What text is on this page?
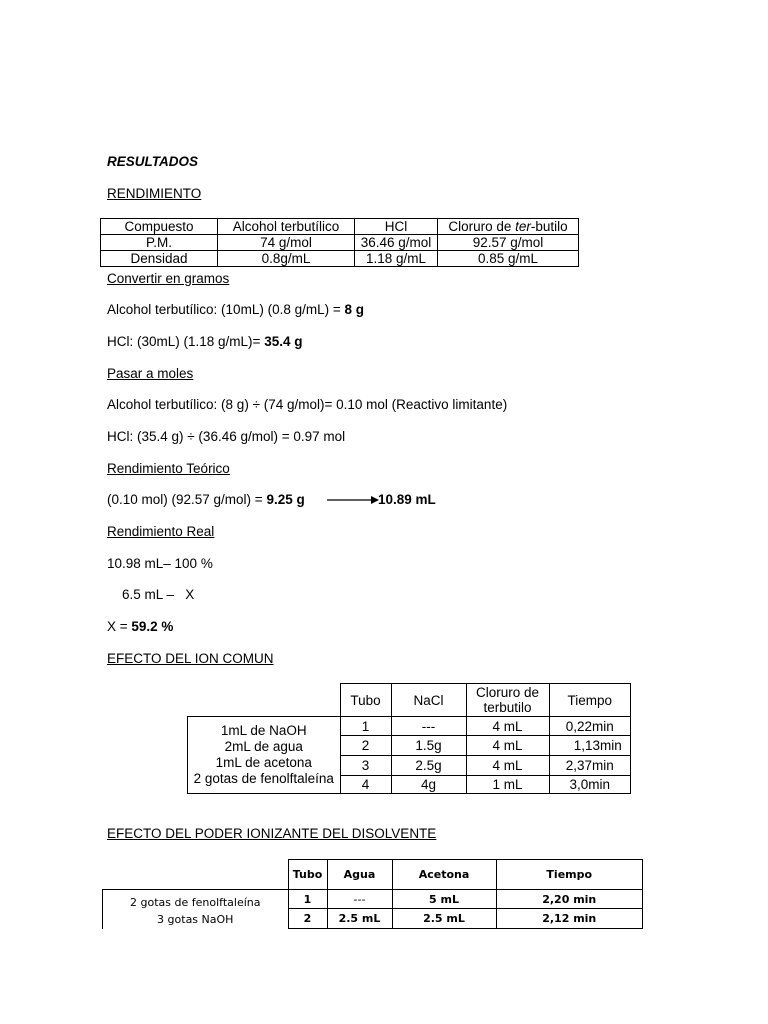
RESULTADOS
RENDIMIENTO
Compuesto	Alcohol terbutílico	HCl	Cloruro de ter-butilo
P.M.	74 g/mol	36.46 g/mol	92.57 g/mol
Densidad	0.8g/mL	1.18 g/mL	0.85 g/mL
Convertir en gramos
Alcohol terbutílico: (10mL) (0.8 g/mL) = 8 g
HCl: (30mL) (1.18 g/mL)= 35.4 g
Pasar a moles
Alcohol terbutílico: (8 g) ÷ (74 g/mol)= 0.10 mol (Reactivo limitante)
HCl: (35.4 g) ÷ (36.46 g/mol) = 0.97 mol
Rendimiento Teórico
(0.10 mol) (92.57 g/mol) = 9.25 g	10.89 mL
Rendimiento Real
10.98 mL– 100 %
6.5 mL –   X
X = 59.2 %
EFECTO DEL ION COMUN
	Tubo	NaCl	Cloruro de terbutilo	Tiempo

1mL de NaOH
2mL de agua
1mL de acetona
2 gotas de fenolftaleína	1	---	4 mL	0,22min
	2	1.5g	4 mL	1,13min
	3	2.5g	4 mL	2,37min
	4	4g	1 mL	3,0min
EFECTO DEL PODER IONIZANTE DEL DISOLVENTE
	Tubo	Agua	Acetona	Tiempo

2 gotas de fenolftaleína
3 gotas NaOH	1	---	5 mL	2,20 min
	2	2.5 mL	2.5 mL	2,12 min
